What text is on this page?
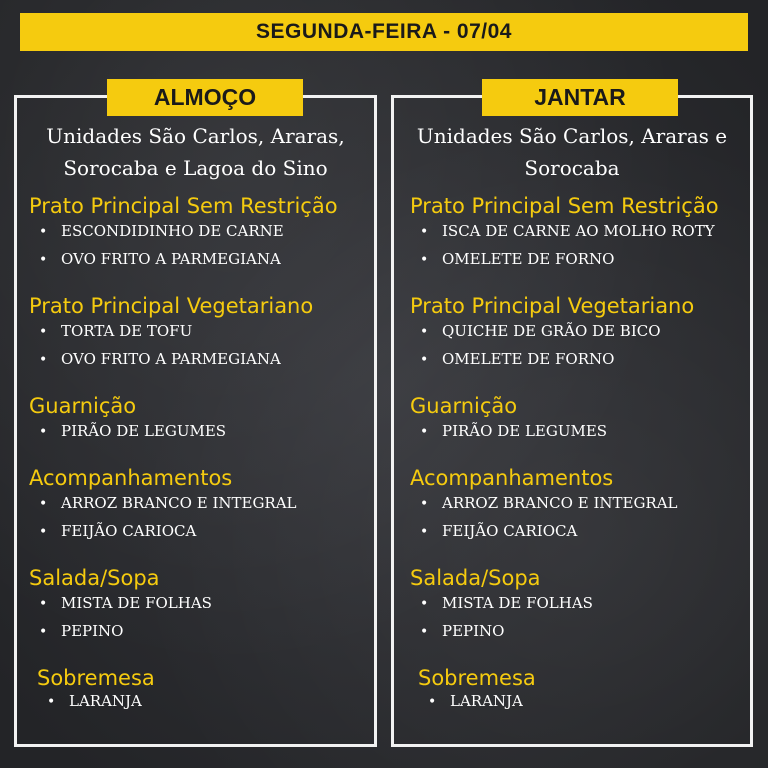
SEGUNDA-FEIRA - 07/04
ALMOÇO
Unidades São Carlos, Araras,
Sorocaba e Lagoa do Sino
Prato Principal Sem Restrição
• ESCONDIDINHO DE CARNE
• OVO FRITO A PARMEGIANA
Prato Principal Vegetariano
• TORTA DE TOFU
• OVO FRITO A PARMEGIANA
Guarnição
• PIRÃO DE LEGUMES
Acompanhamentos
• ARROZ BRANCO E INTEGRAL
• FEIJÃO CARIOCA
Salada/Sopa
• MISTA DE FOLHAS
• PEPINO
Sobremesa
• LARANJA
JANTAR
Unidades São Carlos, Araras e
Sorocaba
Prato Principal Sem Restrição
• ISCA DE CARNE AO MOLHO ROTY
• OMELETE DE FORNO
Prato Principal Vegetariano
• QUICHE DE GRÃO DE BICO
• OMELETE DE FORNO
Guarnição
• PIRÃO DE LEGUMES
Acompanhamentos
• ARROZ BRANCO E INTEGRAL
• FEIJÃO CARIOCA
Salada/Sopa
• MISTA DE FOLHAS
• PEPINO
Sobremesa
• LARANJA
